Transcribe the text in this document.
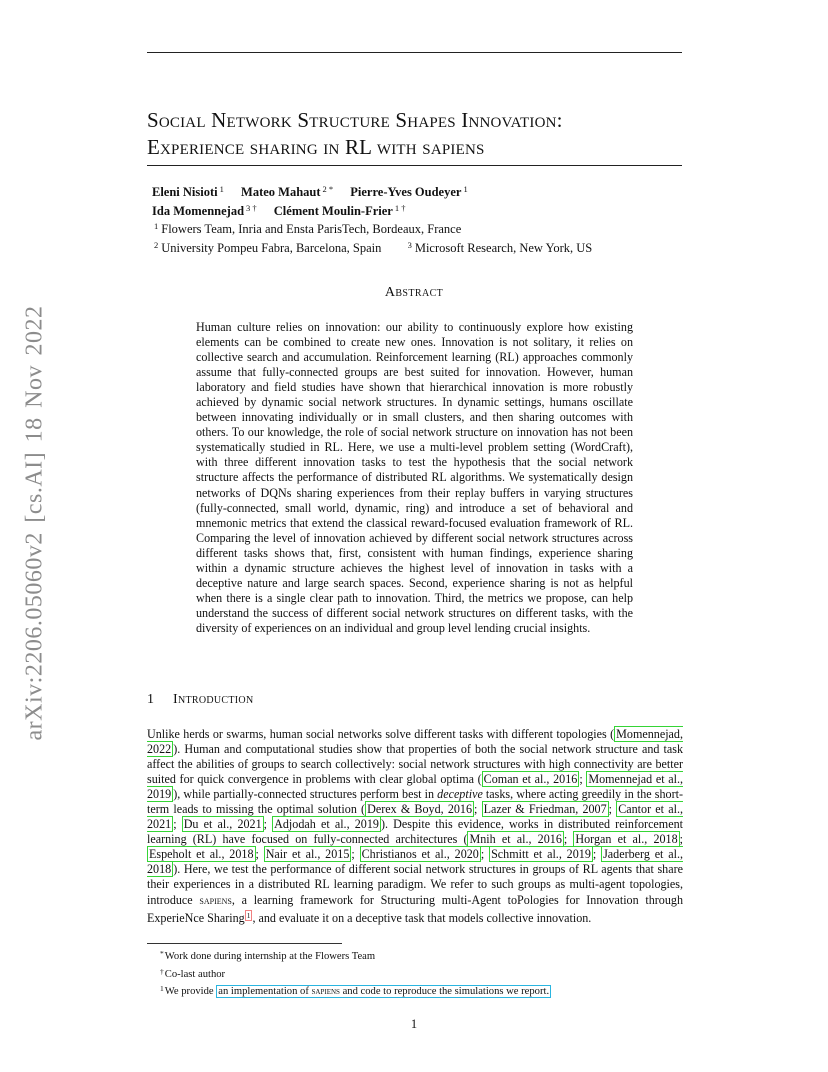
arXiv:2206.05060v2 [cs.AI] 18 Nov 2022
Social Network Structure Shapes Innovation:
Experience sharing in RL with sapiens
Eleni Nisioti $^1$ Mateo Mahaut $^{2 *}$ Pierre-Yves Oudeyer $^1$
Ida Momennejad $^{3 \dagger}$ Clément Moulin-Frier $^{1 \dagger}$
$^1$ Flowers Team, Inria and Ensta ParisTech, Bordeaux, France
$^2$ University Pompeu Fabra, Barcelona, Spain	$^3$ Microsoft Research, New York, US
Abstract
Human culture relies on innovation: our ability to continuously explore how existing elements can be combined to create new ones. Innovation is not solitary, it relies on collective search and accumulation. Reinforcement learning (RL) approaches commonly assume that fully-connected groups are best suited for innovation. However, human laboratory and field studies have shown that hierarchical innovation is more robustly achieved by dynamic social network structures. In dynamic settings, humans oscillate between innovating individually or in small clusters, and then sharing outcomes with others. To our knowledge, the role of social network structure on innovation has not been systematically studied in RL. Here, we use a multi-level problem setting (WordCraft), with three different innovation tasks to test the hypothesis that the social network structure affects the performance of distributed RL algorithms. We systematically design networks of DQNs sharing experiences from their replay buffers in varying structures (fully-connected, small world, dynamic, ring) and introduce a set of behavioral and mnemonic metrics that extend the classical reward-focused evaluation framework of RL. Comparing the level of innovation achieved by different social network structures across different tasks shows that, first, consistent with human findings, experience sharing within a dynamic structure achieves the highest level of innovation in tasks with a deceptive nature and large search spaces. Second, experience sharing is not as helpful when there is a single clear path to innovation. Third, the metrics we propose, can help understand the success of different social network structures on different tasks, with the diversity of experiences on an individual and group level lending crucial insights.
1 Introduction
Unlike herds or swarms, human social networks solve different tasks with different topologies ( Momennejad, 2022 ). Human and computational studies show that properties of both the social network structure and task affect the abilities of groups to search collectively: social network structures with high connectivity are better suited for quick convergence in problems with clear global optima ( Coman et al., 2016 ; Momennejad et al., 2019 ), while partially-connected structures perform best in deceptive tasks, where acting greedily in the short-term leads to missing the optimal solution ( Derex & Boyd, 2016 ; Lazer & Friedman, 2007 ; Cantor et al., 2021 ; Du et al., 2021 ; Adjodah et al., 2019 ). Despite this evidence, works in distributed reinforcement learning (RL) have focused on fully-connected architectures ( Mnih et al., 2016 ; Horgan et al., 2018 ; Espeholt et al., 2018 ; Nair et al., 2015 ; Christianos et al., 2020 ; Schmitt et al., 2019 ; Jaderberg et al., 2018 ). Here, we test the performance of different social network structures in groups of RL agents that share their experiences in a distributed RL learning paradigm. We refer to such groups as multi-agent topologies, introduce sapiens, a learning framework for Structuring multi-Agent toPologies for Innovation through ExperieNce Sharing $^1$ , and evaluate it on a deceptive task that models collective innovation.
*Work done during internship at the Flowers Team
†Co-last author
$^1$We provide an implementation of sapiens and code to reproduce the simulations we report.
1
